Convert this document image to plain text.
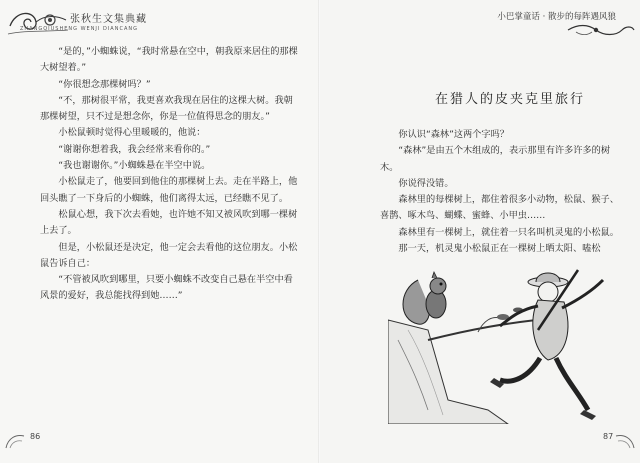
张秋生文集典藏
ZHANGQIUSHENG WENJI DIANCANG

“是的，”小蜘蛛说，“我时常悬在空中，朝我原来居住的那棵大树望着。”

“你很想念那棵树吗？”

“不，那树很平常，我更喜欢我现在居住的这棵大树。我朝那棵树望，只不过是想念你，你是一位值得思念的朋友。”

小松鼠顿时觉得心里暖暖的，他说：

“谢谢你想着我，我会经常来看你的。”

“我也谢谢你。”小蜘蛛悬在半空中说。

小松鼠走了，他要回到他住的那棵树上去。走在半路上，他回头瞧了一下身后的小蜘蛛，他们离得太远，已经瞧不见了。

松鼠心想，我下次去看她，也许她不知又被风吹到哪一棵树上去了。

但是，小松鼠还是决定，他一定会去看他的这位朋友。小松鼠告诉自己：

“不管被风吹到哪里，只要小蜘蛛不改变自己悬在半空中看风景的爱好，我总能找得到她……”

86
小巴掌童话 · 散步的每阵遇风狼
在猎人的皮夹克里旅行

你认识“森林”这两个字吗？

“森林”是由五个木组成的，表示那里有许多许多的树木。

你说得没错。

森林里的每棵树上，都住着很多小动物，松鼠、猴子、喜鹊、啄木鸟、蝴蝶、蜜蜂、小甲虫……

森林里有一棵树上，就住着一只名叫机灵鬼的小松鼠。

那一天，机灵鬼小松鼠正在一棵树上晒太阳、嗑松

87
